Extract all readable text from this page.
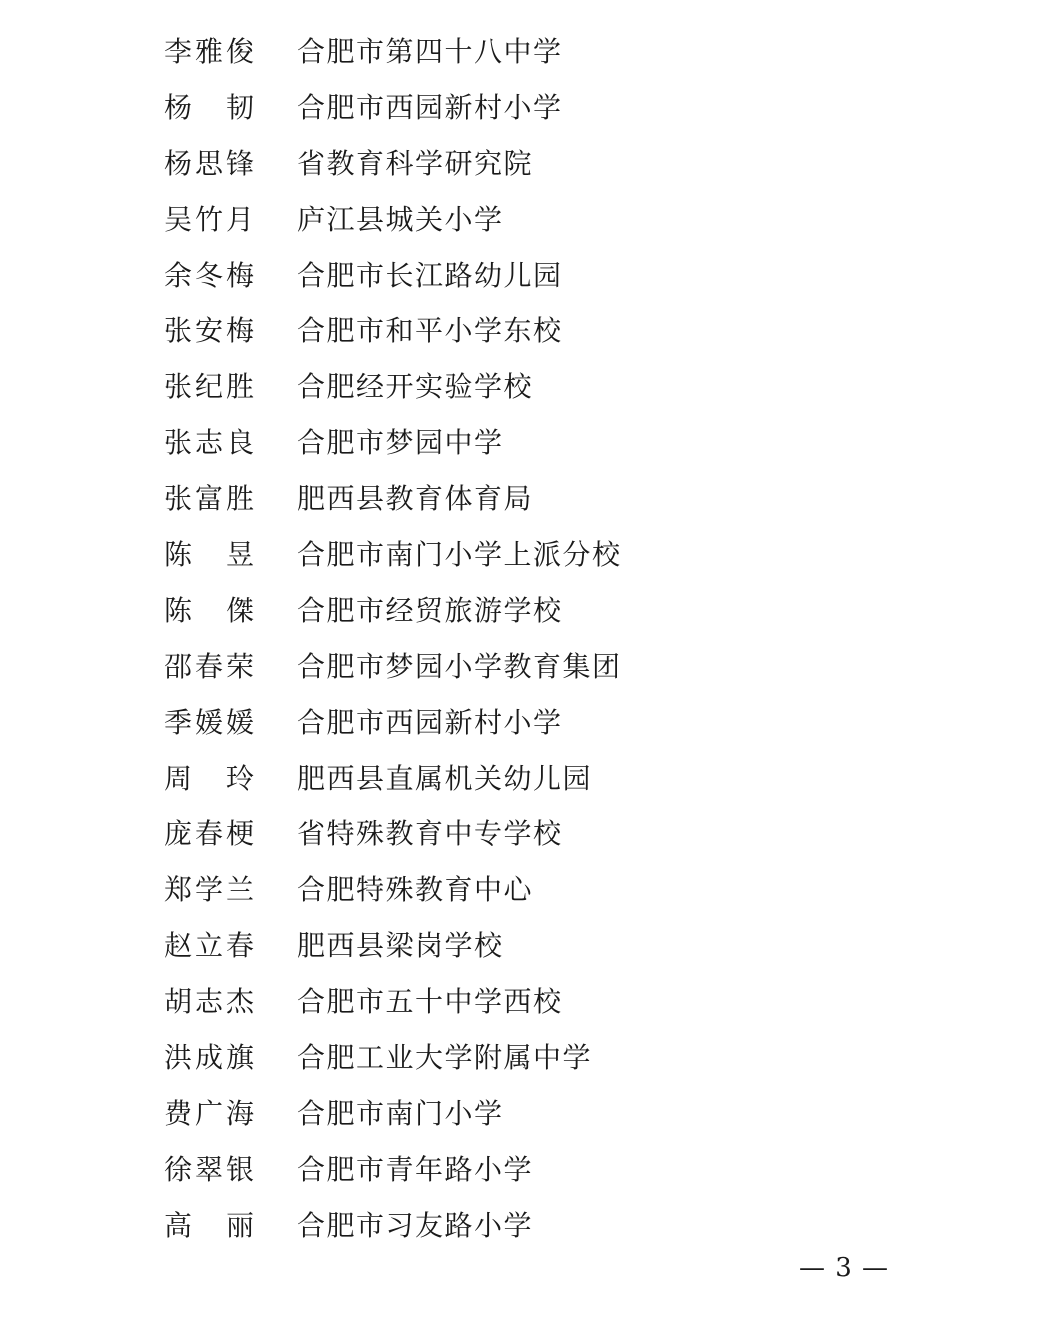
李雅俊 合肥市第四十八中学
杨　韧 合肥市西园新村小学
杨思锋 省教育科学研究院
吴竹月 庐江县城关小学
余冬梅 合肥市长江路幼儿园
张安梅 合肥市和平小学东校
张纪胜 合肥经开实验学校
张志良 合肥市梦园中学
张富胜 肥西县教育体育局
陈　昱 合肥市南门小学上派分校
陈　傑 合肥市经贸旅游学校
邵春荣 合肥市梦园小学教育集团
季媛媛 合肥市西园新村小学
周　玲 肥西县直属机关幼儿园
庞春梗 省特殊教育中专学校
郑学兰 合肥特殊教育中心
赵立春 肥西县梁岗学校
胡志杰 合肥市五十中学西校
洪成旗 合肥工业大学附属中学
费广海 合肥市南门小学
徐翠银 合肥市青年路小学
高　丽 合肥市习友路小学
— 3 —
